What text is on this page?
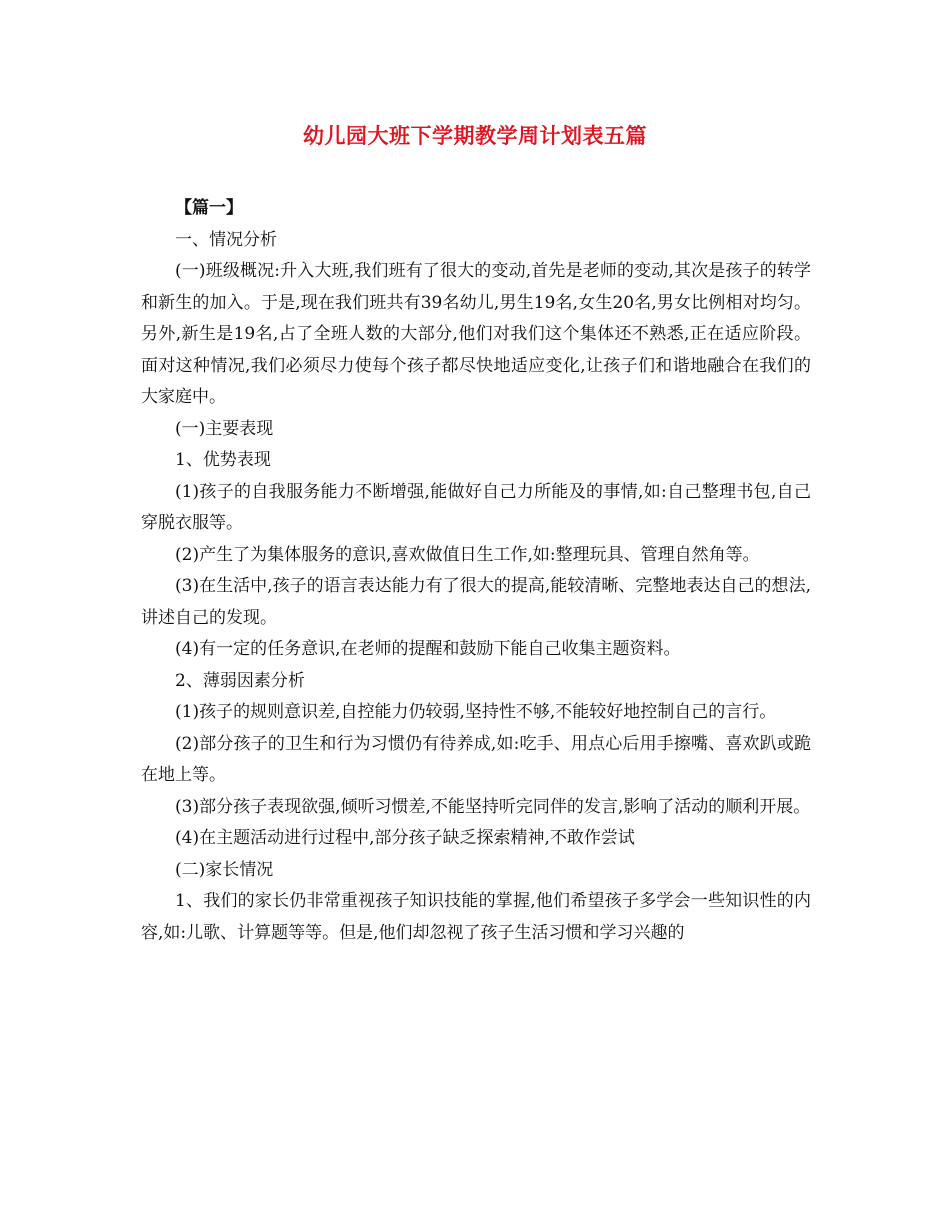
幼儿园大班下学期教学周计划表五篇

【篇一】

一、情况分析

(一)班级概况:升入大班,我们班有了很大的变动,首先是老师的变动,其次是孩子的转学和新生的加入。于是,现在我们班共有39名幼儿,男生19名,女生20名,男女比例相对均匀。另外,新生是19名,占了全班人数的大部分,他们对我们这个集体还不熟悉,正在适应阶段。面对这种情况,我们必须尽力使每个孩子都尽快地适应变化,让孩子们和谐地融合在我们的大家庭中。

(一)主要表现

1、优势表现

(1)孩子的自我服务能力不断增强,能做好自己力所能及的事情,如:自己整理书包,自己穿脱衣服等。

(2)产生了为集体服务的意识,喜欢做值日生工作,如:整理玩具、管理自然角等。

(3)在生活中,孩子的语言表达能力有了很大的提高,能较清晰、完整地表达自己的想法,讲述自己的发现。

(4)有一定的任务意识,在老师的提醒和鼓励下能自己收集主题资料。

2、薄弱因素分析

(1)孩子的规则意识差,自控能力仍较弱,坚持性不够,不能较好地控制自己的言行。

(2)部分孩子的卫生和行为习惯仍有待养成,如:吃手、用点心后用手擦嘴、喜欢趴或跪在地上等。

(3)部分孩子表现欲强,倾听习惯差,不能坚持听完同伴的发言,影响了活动的顺利开展。

(4)在主题活动进行过程中,部分孩子缺乏探索精神,不敢作尝试

(二)家长情况

1、我们的家长仍非常重视孩子知识技能的掌握,他们希望孩子多学会一些知识性的内容,如:儿歌、计算题等等。但是,他们却忽视了孩子生活习惯和学习兴趣的
